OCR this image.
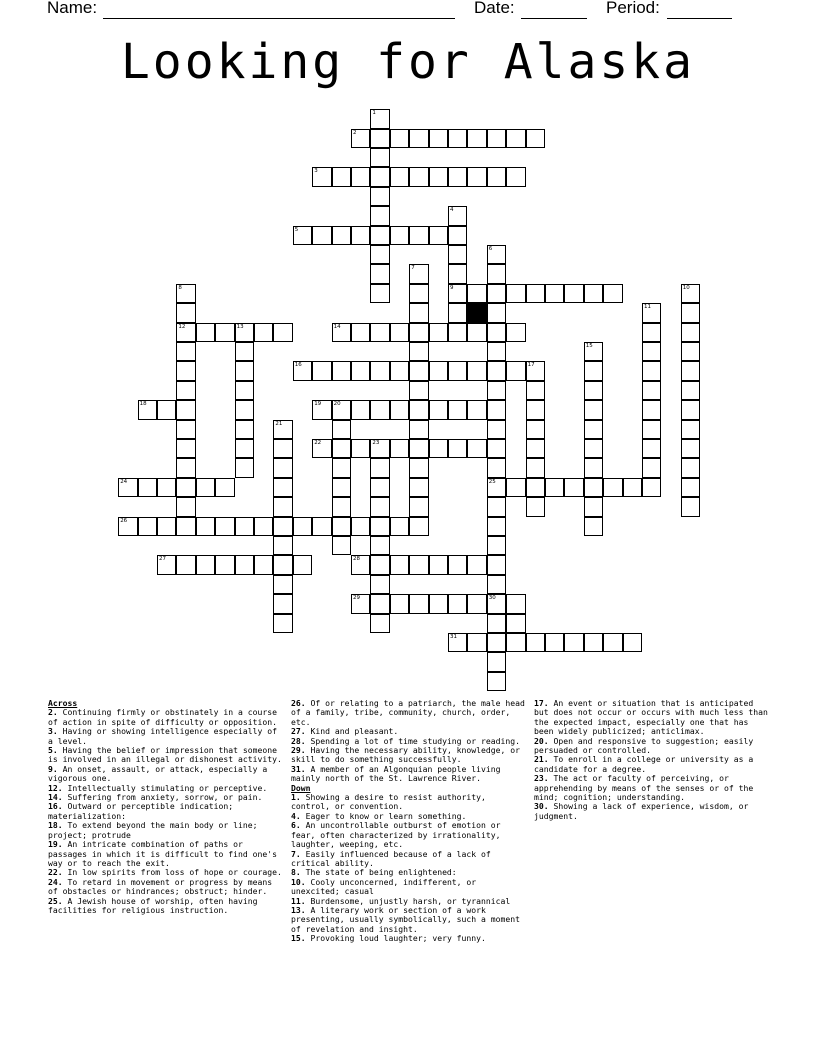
Name:	Date:	Period:
Looking for Alaska
2
3
5
9
12	13	14
16	17
18	19 20
22	23
24	25
26
27	28
29	30
31
1
4
6
7
8	10
11
15
21
Across
2. Continuing firmly or obstinately in a course of action in spite of difficulty or opposition.
3. Having or showing intelligence especially of a level.
5. Having the belief or impression that someone is involved in an illegal or dishonest activity.
9. An onset, assault, or attack, especially a vigorous one.
12. Intellectually stimulating or perceptive.
14. Suffering from anxiety, sorrow, or pain.
16. Outward or perceptible indication; materialization:
18. To extend beyond the main body or line; project; protrude
19. An intricate combination of paths or passages in which it is difficult to find one's way or to reach the exit.
22. In low spirits from loss of hope or courage.
24. To retard in movement or progress by means of obstacles or hindrances; obstruct; hinder.
25. A Jewish house of worship, often having facilities for religious instruction.
26. Of or relating to a patriarch, the male head of a family, tribe, community, church, order, etc.
27. Kind and pleasant.
28. Spending a lot of time studying or reading.
29. Having the necessary ability, knowledge, or skill to do something successfully.
31. A member of an Algonquian people living mainly north of the St. Lawrence River.
Down
1. Showing a desire to resist authority, control, or convention.
4. Eager to know or learn something.
6. An uncontrollable outburst of emotion or fear, often characterized by irrationality, laughter, weeping, etc.
7. Easily influenced because of a lack of critical ability.
8. The state of being enlightened:
10. Cooly unconcerned, indifferent, or unexcited; casual
11. Burdensome, unjustly harsh, or tyrannical
13. A literary work or section of a work presenting, usually symbolically, such a moment of revelation and insight.
15. Provoking loud laughter; very funny.
17. An event or situation that is anticipated but does not occur or occurs with much less than the expected impact, especially one that has been widely publicized; anticlimax.
20. Open and responsive to suggestion; easily persuaded or controlled.
21. To enroll in a college or university as a candidate for a degree.
23. The act or faculty of perceiving, or apprehending by means of the senses or of the mind; cognition; understanding.
30. Showing a lack of experience, wisdom, or judgment.
